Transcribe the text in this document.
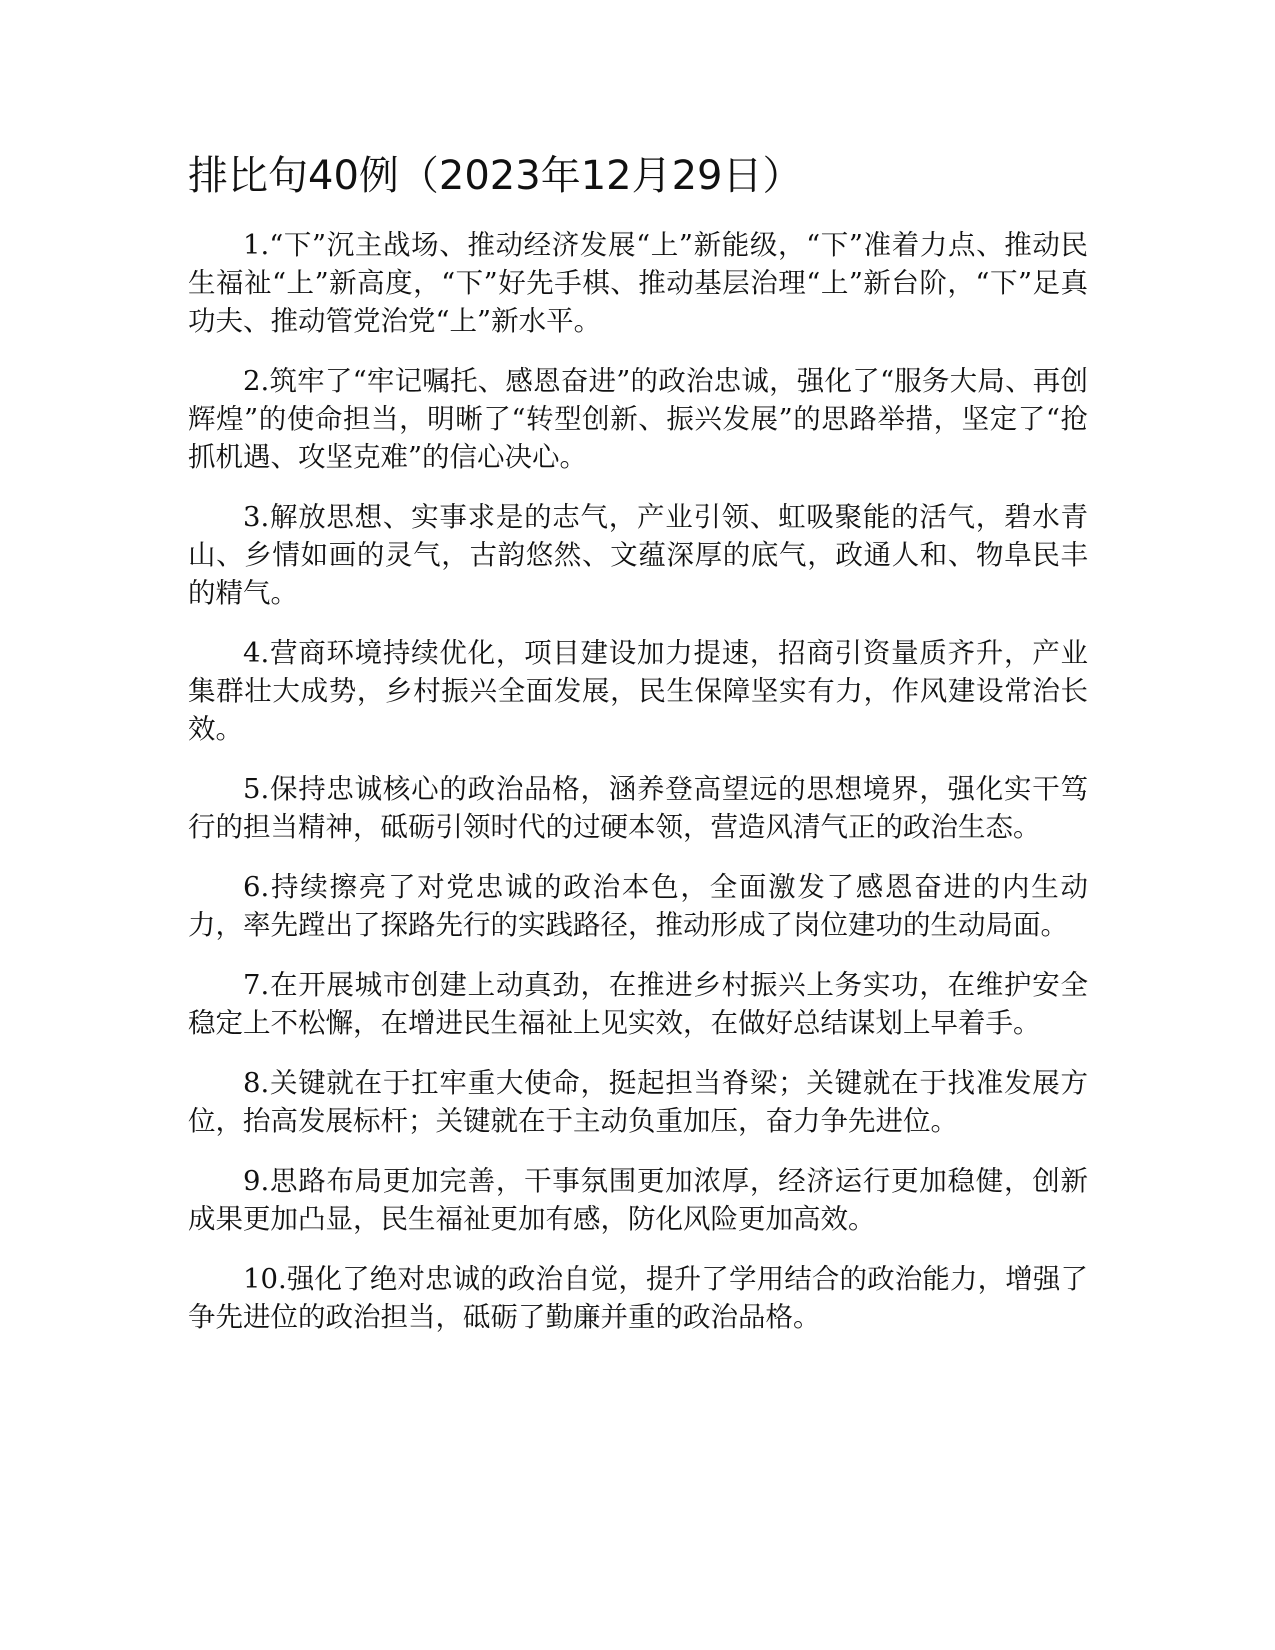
排比句40例（2023年12月29日）

1.“下”沉主战场、推动经济发展“上”新能级，“下”准着力点、推动民生福祉“上”新高度，“下”好先手棋、推动基层治理“上”新台阶，“下”足真功夫、推动管党治党“上”新水平。

2.筑牢了“牢记嘱托、感恩奋进”的政治忠诚，强化了“服务大局、再创辉煌”的使命担当，明晰了“转型创新、振兴发展”的思路举措，坚定了“抢抓机遇、攻坚克难”的信心决心。

3.解放思想、实事求是的志气，产业引领、虹吸聚能的活气，碧水青山、乡情如画的灵气，古韵悠然、文蕴深厚的底气，政通人和、物阜民丰的精气。

4.营商环境持续优化，项目建设加力提速，招商引资量质齐升，产业集群壮大成势，乡村振兴全面发展，民生保障坚实有力，作风建设常治长效。

5.保持忠诚核心的政治品格，涵养登高望远的思想境界，强化实干笃行的担当精神，砥砺引领时代的过硬本领，营造风清气正的政治生态。

6.持续擦亮了对党忠诚的政治本色，全面激发了感恩奋进的内生动力，率先蹚出了探路先行的实践路径，推动形成了岗位建功的生动局面。

7.在开展城市创建上动真劲，在推进乡村振兴上务实功，在维护安全稳定上不松懈，在增进民生福祉上见实效，在做好总结谋划上早着手。

8.关键就在于扛牢重大使命，挺起担当脊梁；关键就在于找准发展方位，抬高发展标杆；关键就在于主动负重加压，奋力争先进位。

9.思路布局更加完善，干事氛围更加浓厚，经济运行更加稳健，创新成果更加凸显，民生福祉更加有感，防化风险更加高效。

10.强化了绝对忠诚的政治自觉，提升了学用结合的政治能力，增强了争先进位的政治担当，砥砺了勤廉并重的政治品格。
